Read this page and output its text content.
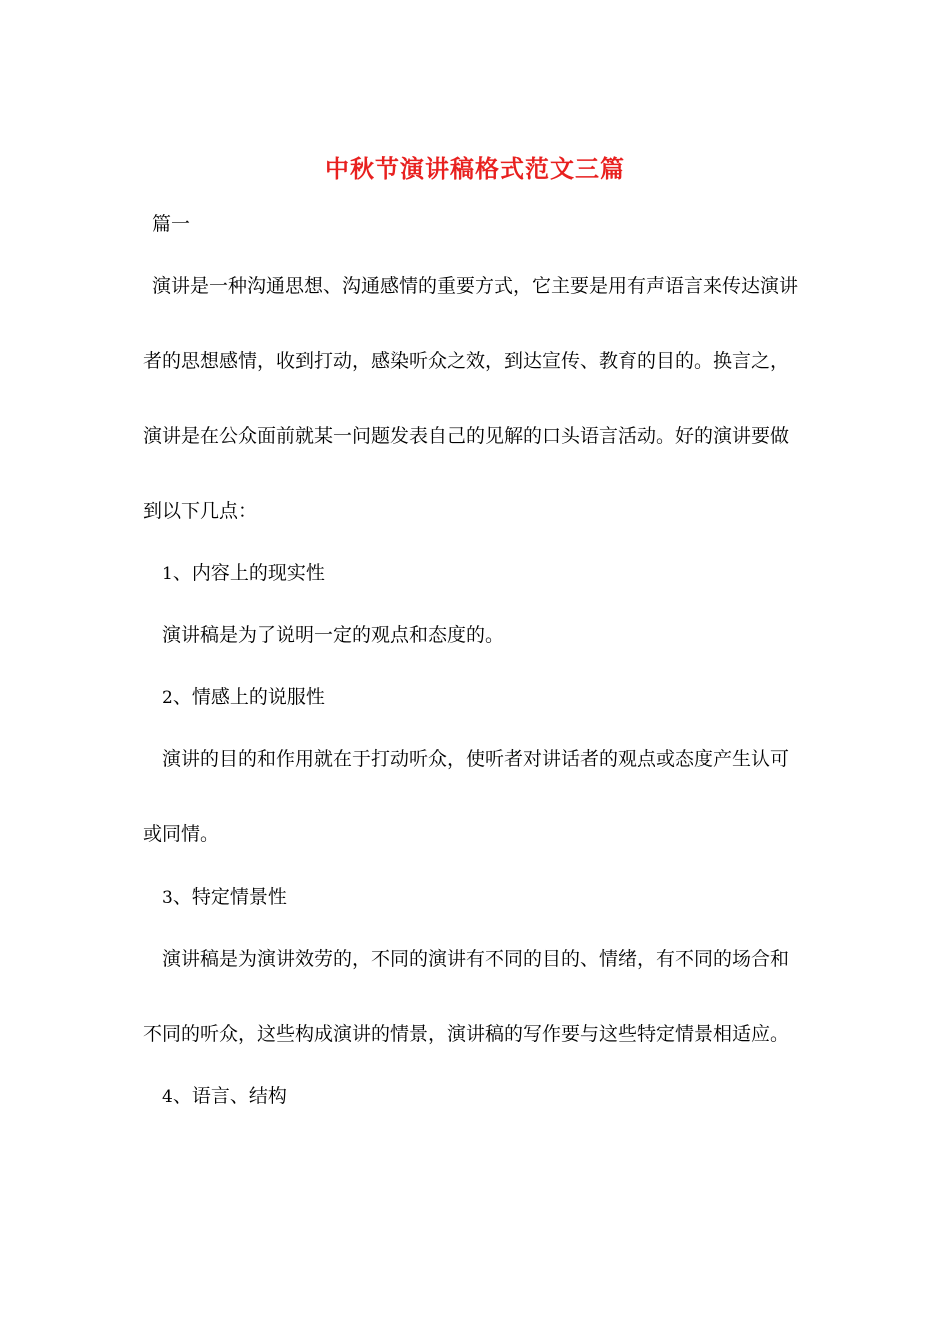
中秋节演讲稿格式范文三篇
篇一
演讲是一种沟通思想、沟通感情的重要方式，它主要是用有声语言来传达演讲
者的思想感情，收到打动，感染听众之效，到达宣传、教育的目的。换言之，
演讲是在公众面前就某一问题发表自己的见解的口头语言活动。好的演讲要做
到以下几点：
1、内容上的现实性
演讲稿是为了说明一定的观点和态度的。
2、情感上的说服性
演讲的目的和作用就在于打动听众，使听者对讲话者的观点或态度产生认可
或同情。
3、特定情景性
演讲稿是为演讲效劳的，不同的演讲有不同的目的、情绪，有不同的场合和
不同的听众，这些构成演讲的情景，演讲稿的写作要与这些特定情景相适应。
4、语言、结构
